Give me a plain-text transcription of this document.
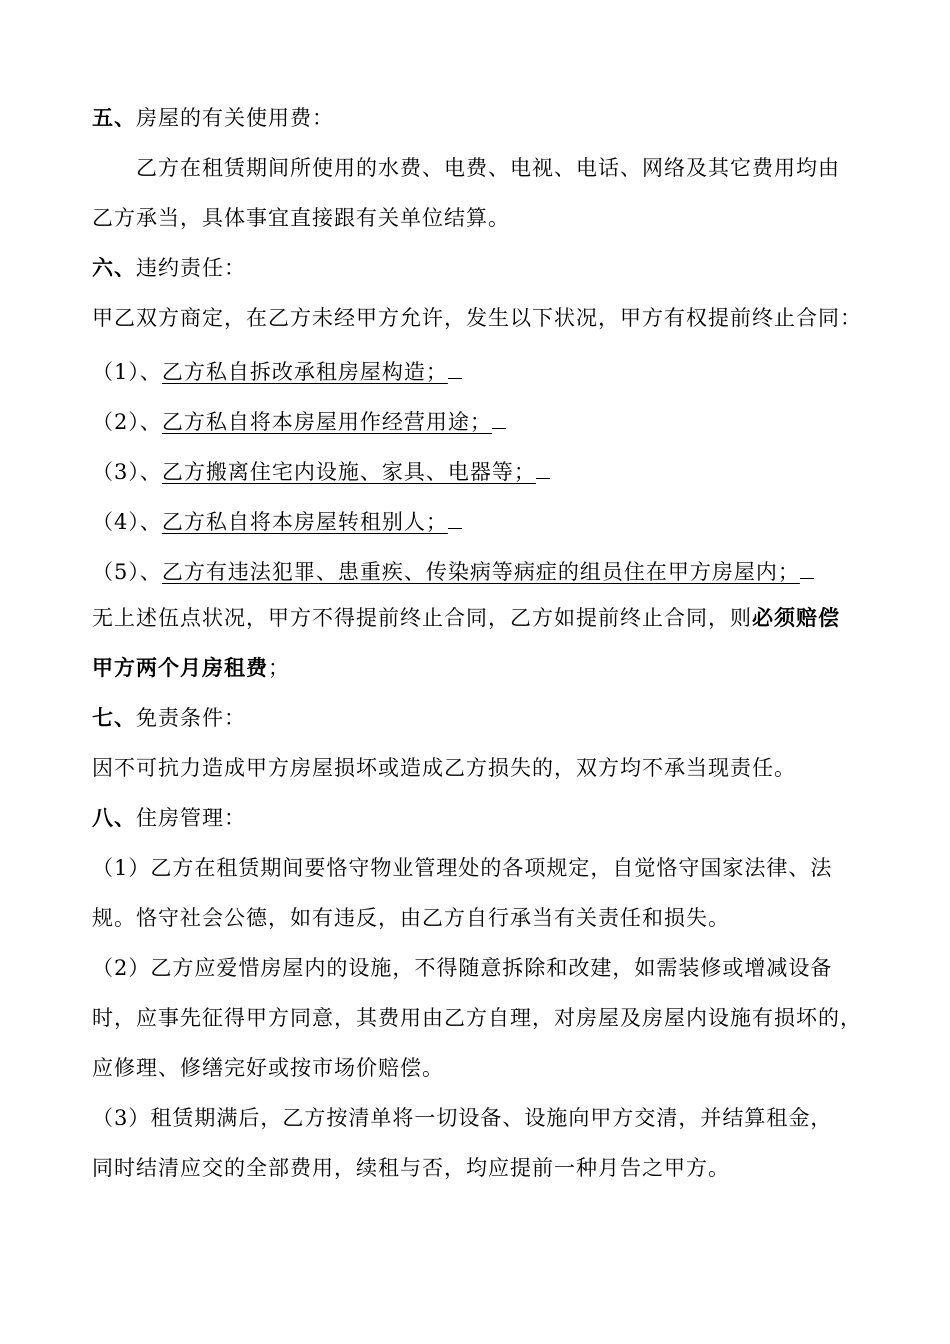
五、房屋的有关使用费：
乙方在租赁期间所使用的水费、电费、电视、电话、网络及其它费用均由
乙方承当，具体事宜直接跟有关单位结算。
六、违约责任：
甲乙双方商定，在乙方未经甲方允许，发生以下状况，甲方有权提前终止合同：
（1）、乙方私自拆改承租房屋构造；
（2）、乙方私自将本房屋用作经营用途；
（3）、乙方搬离住宅内设施、家具、电器等；
（4）、乙方私自将本房屋转租别人；
（5）、乙方有违法犯罪、患重疾、传染病等病症的组员住在甲方房屋内；
无上述伍点状况，甲方不得提前终止合同，乙方如提前终止合同，则必须赔偿
甲方两个月房租费；
七、免责条件：
因不可抗力造成甲方房屋损坏或造成乙方损失的，双方均不承当现责任。
八、住房管理：
（1）乙方在租赁期间要恪守物业管理处的各项规定，自觉恪守国家法律、法
规。恪守社会公德，如有违反，由乙方自行承当有关责任和损失。
（2）乙方应爱惜房屋内的设施，不得随意拆除和改建，如需装修或增减设备
时，应事先征得甲方同意，其费用由乙方自理，对房屋及房屋内设施有损坏的，
应修理、修缮完好或按市场价赔偿。
（3）租赁期满后，乙方按清单将一切设备、设施向甲方交清，并结算租金，
同时结清应交的全部费用，续租与否，均应提前一种月告之甲方。
